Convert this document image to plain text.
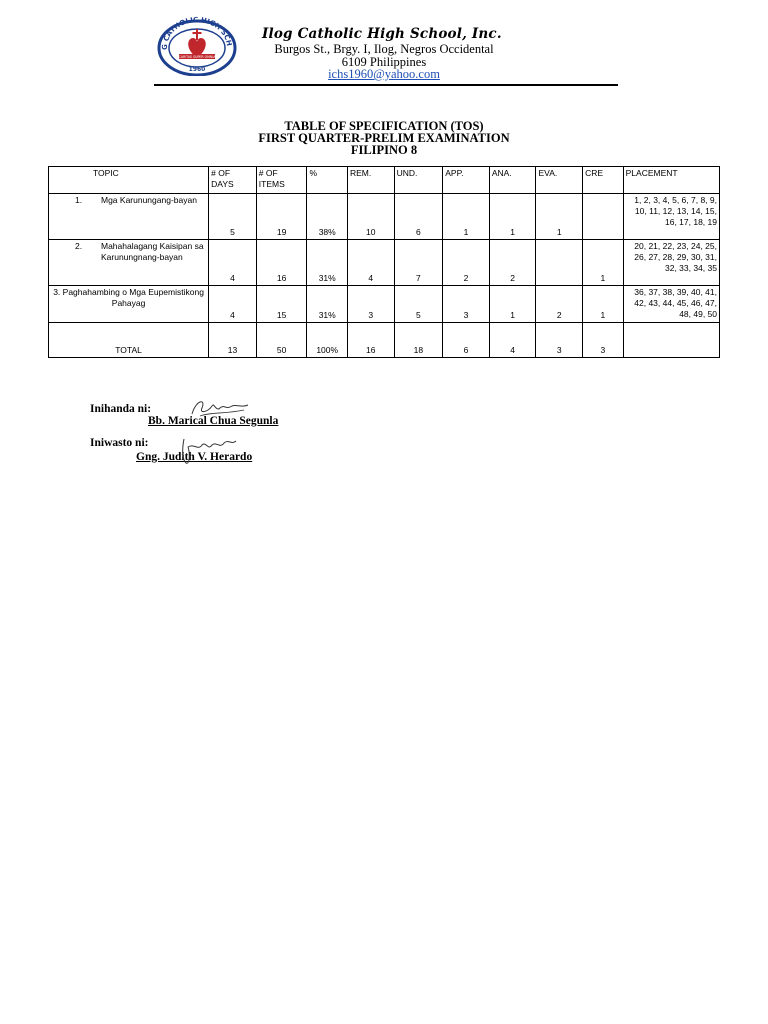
G CATHOLIC HIGH SCH
CARITAS SUPER OMNIA
1960
Ilog Catholic High School, Inc.
Burgos St., Brgy. I, Ilog, Negros Occidental
6109 Philippines
ichs1960@yahoo.com
TABLE OF SPECIFICATION (TOS)
FIRST QUARTER-PRELIM EXAMINATION
FILIPINO 8
TOPIC	# OF DAYS	# OF ITEMS	%	REM.	UND.	APP.	ANA.	EVA.	CRE	PLACEMENT

1. Mga Karunungang-bayan	5	19	38%	10	6	1	1	1		1, 2, 3, 4, 5, 6, 7, 8, 9, 10, 11, 12, 13, 14, 15, 16, 17, 18, 19

2. Mahahalagang Kaisipan sa Karunungnang-bayan	4	16	31%	4	7	2	2		1	20, 21, 22, 23, 24, 25, 26, 27, 28, 29, 30, 31, 32, 33, 34, 35
3. Paghahambing o Mga Eupemistikong Pahayag	4	15	31%	3	5	3	1	2	1	36, 37, 38, 39, 40, 41, 42, 43, 44, 45, 46, 47, 48, 49, 50
TOTAL	13	50	100%	16	18	6	4	3	3	
Inihanda ni:
Bb. Marical Chua Segunla
Iniwasto ni:
Gng. Judith V. Herardo
